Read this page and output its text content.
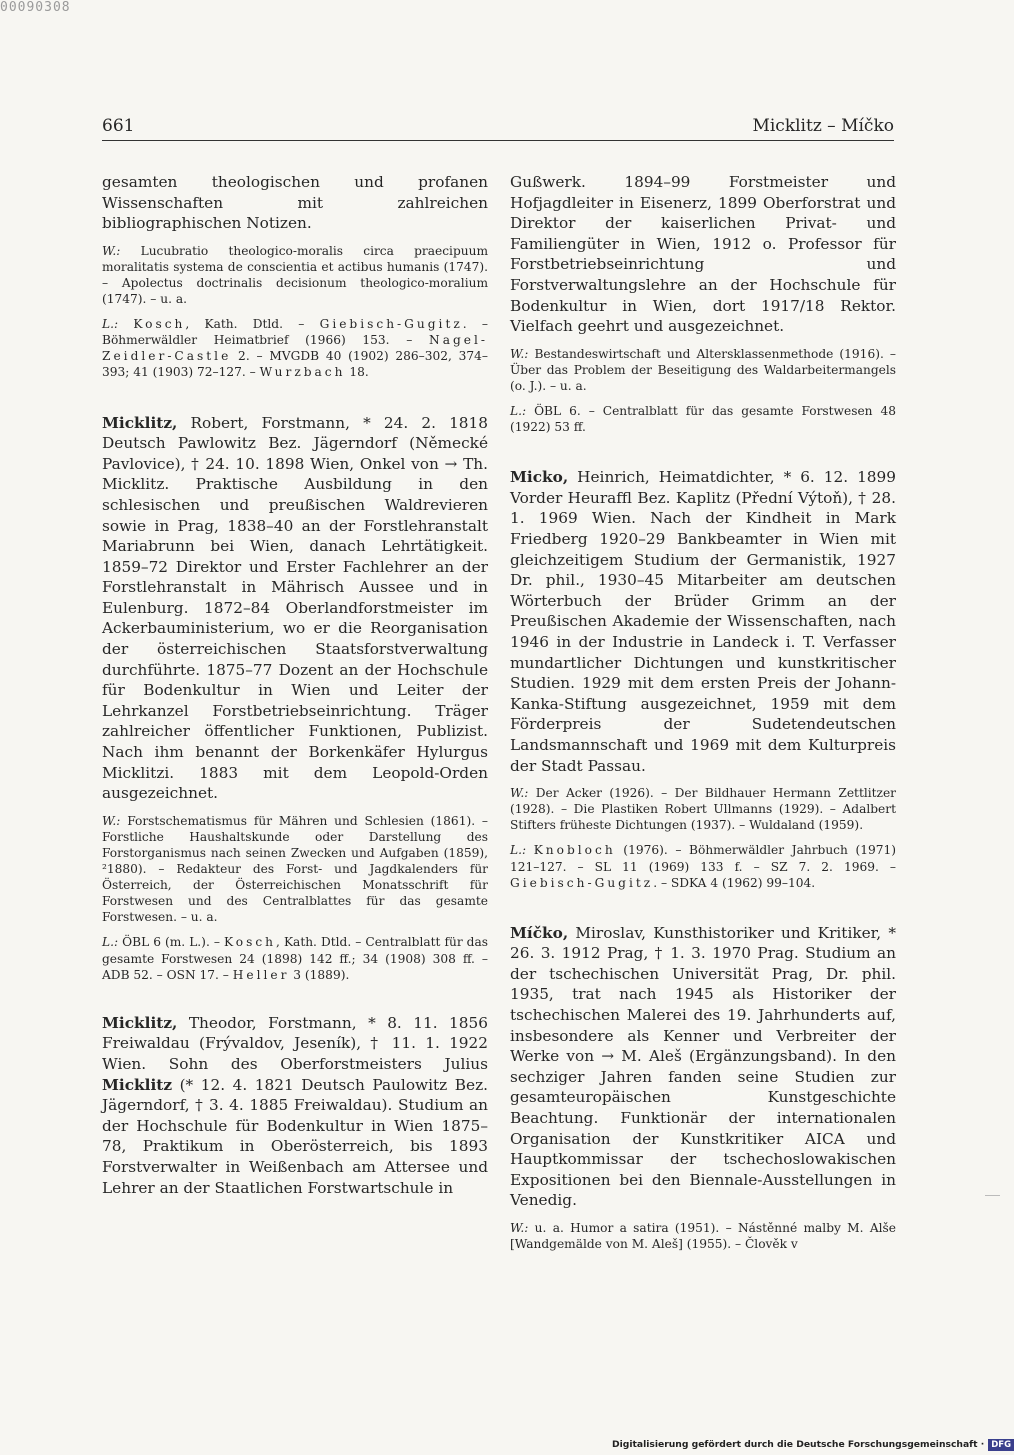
00090308
661	Micklitz – Míčko

gesamten theologischen und profanen Wissenschaften mit zahlreichen bibliographischen Notizen.

W.: Lucubratio theologico-moralis circa praecipuum moralitatis systema de conscientia et actibus humanis (1747). – Apolectus doctrinalis decisionum theologico-moralium (1747). – u. a.

L.: Kosch, Kath. Dtld. – Giebisch-Gugitz. – Böhmerwäldler Heimatbrief (1966) 153. – Nagel-Zeidler-Castle 2. – MVGDB 40 (1902) 286–302, 374–393; 41 (1903) 72–127. – Wurzbach 18.

Micklitz, Robert, Forstmann, * 24. 2. 1818 Deutsch Pawlowitz Bez. Jägerndorf (Německé Pavlovice), † 24. 10. 1898 Wien, Onkel von → Th. Micklitz. Praktische Ausbildung in den schlesischen und preußischen Waldrevieren sowie in Prag, 1838–40 an der Forstlehranstalt Mariabrunn bei Wien, danach Lehrtätigkeit. 1859–72 Direktor und Erster Fachlehrer an der Forstlehranstalt in Mährisch Aussee und in Eulenburg. 1872–84 Oberlandforstmeister im Ackerbauministerium, wo er die Reorganisation der österreichischen Staatsforstverwaltung durchführte. 1875–77 Dozent an der Hochschule für Bodenkultur in Wien und Leiter der Lehrkanzel Forstbetriebseinrichtung. Träger zahlreicher öffentlicher Funktionen, Publizist. Nach ihm benannt der Borkenkäfer Hylurgus Micklitzi. 1883 mit dem Leopold-Orden ausgezeichnet.

W.: Forstschematismus für Mähren und Schlesien (1861). – Forstliche Haushaltskunde oder Darstellung des Forstorganismus nach seinen Zwecken und Aufgaben (1859), ²1880). – Redakteur des Forst- und Jagdkalenders für Österreich, der Österreichischen Monatsschrift für Forstwesen und des Centralblattes für das gesamte Forstwesen. – u. a.

L.: ÖBL 6 (m. L.). – Kosch, Kath. Dtld. – Centralblatt für das gesamte Forstwesen 24 (1898) 142 ff.; 34 (1908) 308 ff. – ADB 52. – OSN 17. – Heller 3 (1889).

Micklitz, Theodor, Forstmann, * 8. 11. 1856 Freiwaldau (Frývaldov, Jeseník), † 11. 1. 1922 Wien. Sohn des Oberforstmeisters Julius Micklitz (* 12. 4. 1821 Deutsch Paulowitz Bez. Jägerndorf, † 3. 4. 1885 Freiwaldau). Studium an der Hochschule für Bodenkultur in Wien 1875–78, Praktikum in Oberösterreich, bis 1893 Forstverwalter in Weißenbach am Attersee und Lehrer an der Staatlichen Forstwartschule in

Gußwerk. 1894–99 Forstmeister und Hofjagdleiter in Eisenerz, 1899 Oberforstrat und Direktor der kaiserlichen Privat- und Familiengüter in Wien, 1912 o. Professor für Forstbetriebseinrichtung und Forstverwaltungslehre an der Hochschule für Bodenkultur in Wien, dort 1917/18 Rektor. Vielfach geehrt und ausgezeichnet.

W.: Bestandeswirtschaft und Altersklassenmethode (1916). – Über das Problem der Beseitigung des Waldarbeitermangels (o. J.). – u. a.

L.: ÖBL 6. – Centralblatt für das gesamte Forstwesen 48 (1922) 53 ff.

Micko, Heinrich, Heimatdichter, * 6. 12. 1899 Vorder Heuraffl Bez. Kaplitz (Přední Výtoň), † 28. 1. 1969 Wien. Nach der Kindheit in Mark Friedberg 1920–29 Bankbeamter in Wien mit gleichzeitigem Studium der Germanistik, 1927 Dr. phil., 1930–45 Mitarbeiter am deutschen Wörterbuch der Brüder Grimm an der Preußischen Akademie der Wissenschaften, nach 1946 in der Industrie in Landeck i. T. Verfasser mundartlicher Dichtungen und kunstkritischer Studien. 1929 mit dem ersten Preis der Johann-Kanka-Stiftung ausgezeichnet, 1959 mit dem Förderpreis der Sudetendeutschen Landsmannschaft und 1969 mit dem Kulturpreis der Stadt Passau.

W.: Der Acker (1926). – Der Bildhauer Hermann Zettlitzer (1928). – Die Plastiken Robert Ullmanns (1929). – Adalbert Stifters früheste Dichtungen (1937). – Wuldaland (1959).

L.: Knobloch (1976). – Böhmerwäldler Jahrbuch (1971) 121–127. – SL 11 (1969) 133 f. – SZ 7. 2. 1969. – Giebisch-Gugitz. – SDKA 4 (1962) 99–104.

Míčko, Miroslav, Kunsthistoriker und Kritiker, * 26. 3. 1912 Prag, † 1. 3. 1970 Prag. Studium an der tschechischen Universität Prag, Dr. phil. 1935, trat nach 1945 als Historiker der tschechischen Malerei des 19. Jahrhunderts auf, insbesondere als Kenner und Verbreiter der Werke von → M. Aleš (Ergänzungsband). In den sechziger Jahren fanden seine Studien zur gesamteuropäischen Kunstgeschichte Beachtung. Funktionär der internationalen Organisation der Kunstkritiker AICA und Hauptkommissar der tschechoslowakischen Expositionen bei den Biennale-Ausstellungen in Venedig.

W.: u. a. Humor a satira (1951). – Nástěnné malby M. Alše [Wandgemälde von M. Aleš] (1955). – Člověk v

Digitalisierung gefördert durch die Deutsche Forschungsgemeinschaft · DFG
